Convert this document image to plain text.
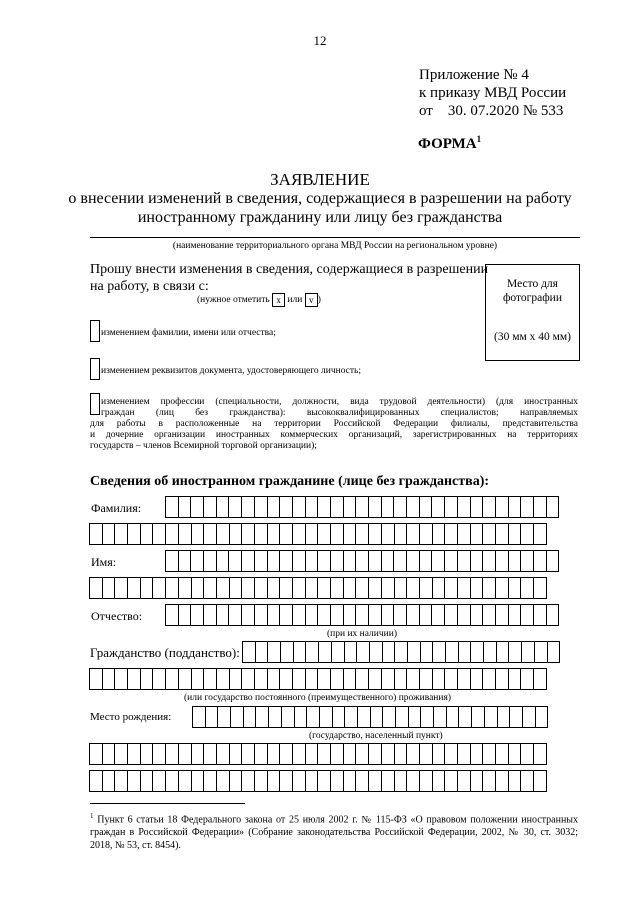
12
Приложение № 4
к приказу МВД России
от    30. 07.2020 № 533
ФОРМА$^1$
ЗАЯВЛЕНИЕ
о внесении изменений в сведения, содержащиеся в разрешении на работу
иностранному гражданину или лицу без гражданства
(наименование территориального органа МВД России на региональном уровне)
Прошу внести изменения в сведения, содержащиеся в разрешении
на работу, в связи с:
(нужное отметить x или v )
Место для
фотографии
(30 мм х 40 мм)
изменением фамилии, имени или отчества;
изменением реквизитов документа, удостоверяющего личность;
изменением профессии (специальности, должности, вида трудовой деятельности) (для иностранных
граждан (лиц без гражданства): высококвалифицированных специалистов; направляемых
для работы в расположенные на территории Российской Федерации филиалы, представительства
и дочерние организации иностранных коммерческих организаций, зарегистрированных на территориях
государств – членов Всемирной торговой организации);
Сведения об иностранном гражданине (лице без гражданства):
Фамилия:
Имя:
Отчество:
(при их наличии)
Гражданство (подданство):
(или государство постоянного (преимущественного) проживания)
Место рождения:
(государство, населенный пункт)
$^1$ Пункт 6 статьи 18 Федерального закона от 25 июля 2002 г. № 115-ФЗ «О правовом положении иностранных граждан в Российской Федерации» (Собрание законодательства Российской Федерации, 2002, № 30, ст. 3032; 2018, № 53, ст. 8454).
